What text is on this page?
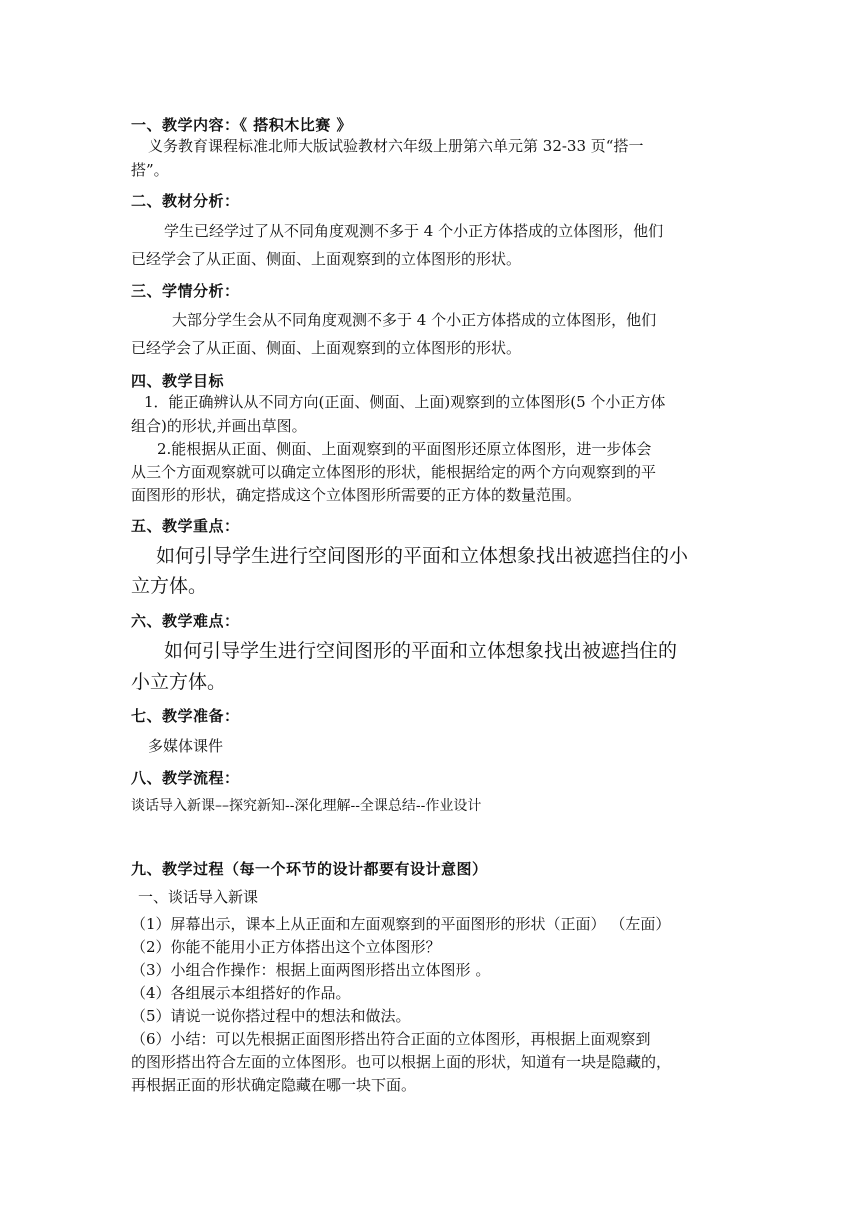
一、教学内容：《 搭积木比赛 》
义务教育课程标准北师大版试验教材六年级上册第六单元第 32-33 页“搭一
搭”。
二、教材分析：
学生已经学过了从不同角度观测不多于 4 个小正方体搭成的立体图形，他们
已经学会了从正面、侧面、上面观察到的立体图形的形状。
三、学情分析：
大部分学生会从不同角度观测不多于 4 个小正方体搭成的立体图形，他们
已经学会了从正面、侧面、上面观察到的立体图形的形状。
四、教学目标
1．能正确辨认从不同方向(正面、侧面、上面)观察到的立体图形(5 个小正方体
组合)的形状,并画出草图。
2.能根据从正面、侧面、上面观察到的平面图形还原立体图形，进一步体会
从三个方面观察就可以确定立体图形的形状，能根据给定的两个方向观察到的平
面图形的形状，确定搭成这个立体图形所需要的正方体的数量范围。
五、教学重点：
如何引导学生进行空间图形的平面和立体想象找出被遮挡住的小
立方体。
六、教学难点：
如何引导学生进行空间图形的平面和立体想象找出被遮挡住的
小立方体。
七、教学准备：
多媒体课件
八、教学流程：
谈话导入新课––探究新知--深化理解--全课总结--作业设计
九、教学过程（每一个环节的设计都要有设计意图）
一、谈话导入新课
（1）屏幕出示，课本上从正面和左面观察到的平面图形的形状（正面） （左面）
（2）你能不能用小正方体搭出这个立体图形？
（3）小组合作操作：根据上面两图形搭出立体图形 。
（4）各组展示本组搭好的作品。
（5）请说一说你搭过程中的想法和做法。
（6）小结：可以先根据正面图形搭出符合正面的立体图形，再根据上面观察到
的图形搭出符合左面的立体图形。也可以根据上面的形状，知道有一块是隐藏的，
再根据正面的形状确定隐藏在哪一块下面。
